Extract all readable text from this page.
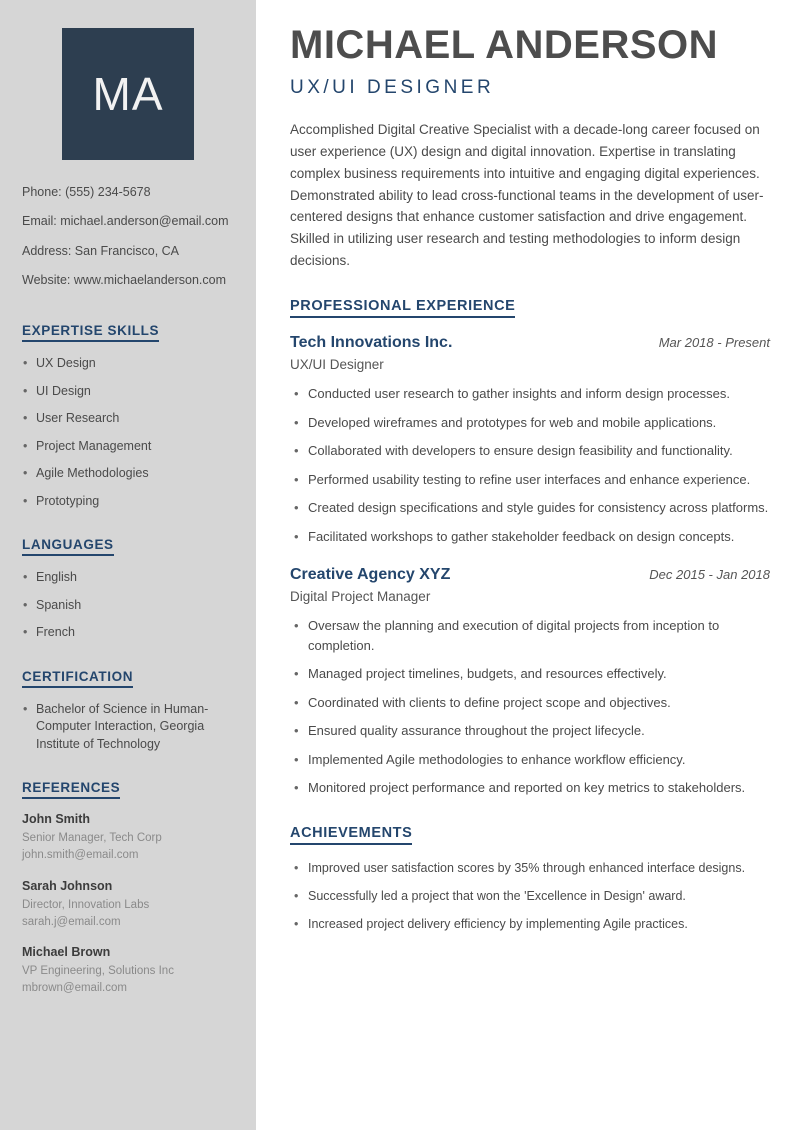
MA
Phone: (555) 234-5678
Email: michael.anderson@email.com
Address: San Francisco, CA
Website: www.michaelanderson.com
EXPERTISE SKILLS
• UX Design
• UI Design
• User Research
• Project Management
• Agile Methodologies
• Prototyping
LANGUAGES
• English
• Spanish
• French
CERTIFICATION
• Bachelor of Science in Human-Computer Interaction, Georgia Institute of Technology
REFERENCES
John Smith
Senior Manager, Tech Corp
john.smith@email.com
Sarah Johnson
Director, Innovation Labs
sarah.j@email.com
Michael Brown
VP Engineering, Solutions Inc
mbrown@email.com
MICHAEL ANDERSON
UX/UI DESIGNER

Accomplished Digital Creative Specialist with a decade-long career focused on user experience (UX) design and digital innovation. Expertise in translating complex business requirements into intuitive and engaging digital experiences. Demonstrated ability to lead cross-functional teams in the development of user-centered designs that enhance customer satisfaction and drive engagement. Skilled in utilizing user research and testing methodologies to inform design decisions.

PROFESSIONAL EXPERIENCE
Tech Innovations Inc.	Mar 2018 - Present
UX/UI Designer
• Conducted user research to gather insights and inform design processes.
• Developed wireframes and prototypes for web and mobile applications.
• Collaborated with developers to ensure design feasibility and functionality.
• Performed usability testing to refine user interfaces and enhance experience.
• Created design specifications and style guides for consistency across platforms.
• Facilitated workshops to gather stakeholder feedback on design concepts.
Creative Agency XYZ	Dec 2015 - Jan 2018
Digital Project Manager
• Oversaw the planning and execution of digital projects from inception to completion.
• Managed project timelines, budgets, and resources effectively.
• Coordinated with clients to define project scope and objectives.
• Ensured quality assurance throughout the project lifecycle.
• Implemented Agile methodologies to enhance workflow efficiency.
• Monitored project performance and reported on key metrics to stakeholders.
ACHIEVEMENTS
• Improved user satisfaction scores by 35% through enhanced interface designs.
• Successfully led a project that won the 'Excellence in Design' award.
• Increased project delivery efficiency by implementing Agile practices.
